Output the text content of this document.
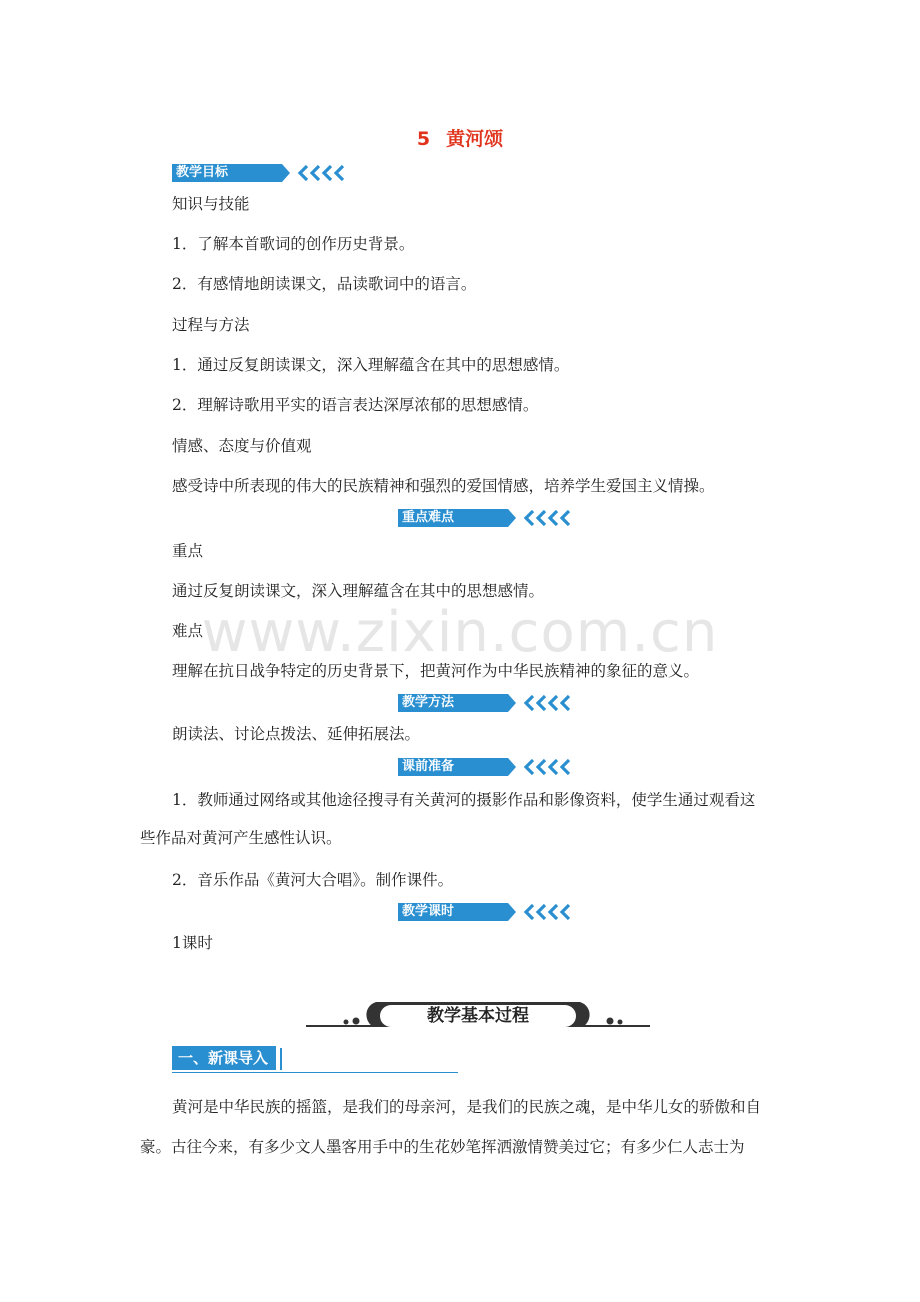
5 黄河颂
教学目标
知识与技能
1．了解本首歌词的创作历史背景。
2．有感情地朗读课文，品读歌词中的语言。
过程与方法
1．通过反复朗读课文，深入理解蕴含在其中的思想感情。
2．理解诗歌用平实的语言表达深厚浓郁的思想感情。
情感、态度与价值观
感受诗中所表现的伟大的民族精神和强烈的爱国情感，培养学生爱国主义情操。
重点难点
重点
通过反复朗读课文，深入理解蕴含在其中的思想感情。
www.zixin.com.cn
难点
理解在抗日战争特定的历史背景下，把黄河作为中华民族精神的象征的意义。
教学方法
朗读法、讨论点拨法、延伸拓展法。
课前准备
1．教师通过网络或其他途径搜寻有关黄河的摄影作品和影像资料，使学生通过观看这
些作品对黄河产生感性认识。
2．音乐作品《黄河大合唱》。制作课件。
教学课时
1课时
教学基本过程
一、新课导入
黄河是中华民族的摇篮，是我们的母亲河，是我们的民族之魂，是中华儿女的骄傲和自
豪。古往今来，有多少文人墨客用手中的生花妙笔挥洒激情赞美过它；有多少仁人志士为
